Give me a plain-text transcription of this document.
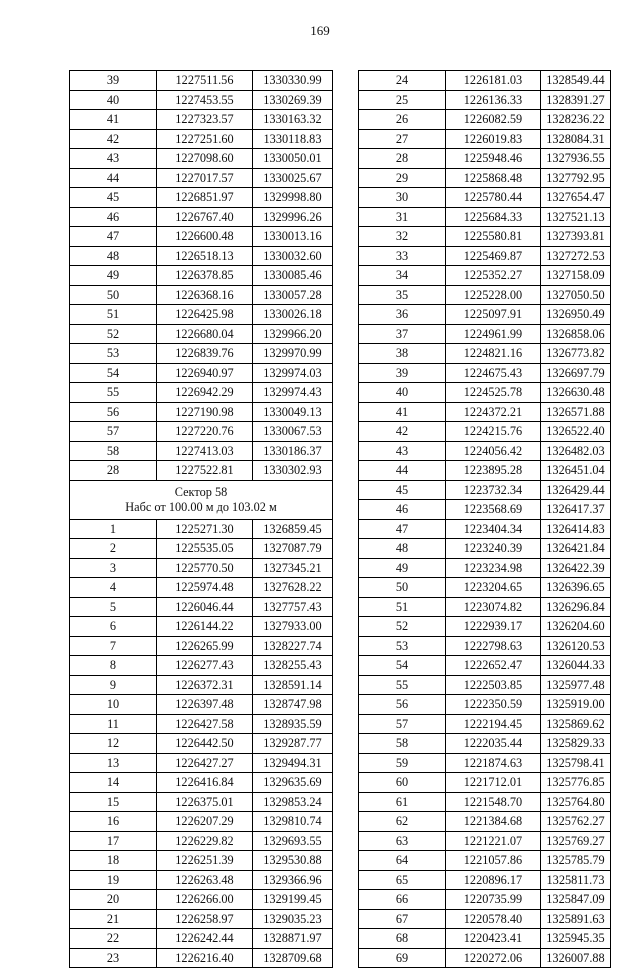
169
39	1227511.56	1330330.99
40	1227453.55	1330269.39
41	1227323.57	1330163.32
42	1227251.60	1330118.83
43	1227098.60	1330050.01
44	1227017.57	1330025.67
45	1226851.97	1329998.80
46	1226767.40	1329996.26
47	1226600.48	1330013.16
48	1226518.13	1330032.60
49	1226378.85	1330085.46
50	1226368.16	1330057.28
51	1226425.98	1330026.18
52	1226680.04	1329966.20
53	1226839.76	1329970.99
54	1226940.97	1329974.03
55	1226942.29	1329974.43
56	1227190.98	1330049.13
57	1227220.76	1330067.53
58	1227413.03	1330186.37
28	1227522.81	1330302.93

Сектор 58
Набс от 100.00 м до 103.02 м		

1	1225271.30	1326859.45
2	1225535.05	1327087.79
3	1225770.50	1327345.21
4	1225974.48	1327628.22
5	1226046.44	1327757.43
6	1226144.22	1327933.00
7	1226265.99	1328227.74
8	1226277.43	1328255.43
9	1226372.31	1328591.14
10	1226397.48	1328747.98
11	1226427.58	1328935.59
12	1226442.50	1329287.77
13	1226427.27	1329494.31
14	1226416.84	1329635.69
15	1226375.01	1329853.24
16	1226207.29	1329810.74
17	1226229.82	1329693.55
18	1226251.39	1329530.88
19	1226263.48	1329366.96
20	1226266.00	1329199.45
21	1226258.97	1329035.23
22	1226242.44	1328871.97
23	1226216.40	1328709.68
24	1226181.03	1328549.44
25	1226136.33	1328391.27
26	1226082.59	1328236.22
27	1226019.83	1328084.31
28	1225948.46	1327936.55
29	1225868.48	1327792.95
30	1225780.44	1327654.47
31	1225684.33	1327521.13
32	1225580.81	1327393.81
33	1225469.87	1327272.53
34	1225352.27	1327158.09
35	1225228.00	1327050.50
36	1225097.91	1326950.49
37	1224961.99	1326858.06
38	1224821.16	1326773.82
39	1224675.43	1326697.79
40	1224525.78	1326630.48
41	1224372.21	1326571.88
42	1224215.76	1326522.40
43	1224056.42	1326482.03
44	1223895.28	1326451.04
45	1223732.34	1326429.44
46	1223568.69	1326417.37
47	1223404.34	1326414.83
48	1223240.39	1326421.84
49	1223234.98	1326422.39
50	1223204.65	1326396.65
51	1223074.82	1326296.84
52	1222939.17	1326204.60
53	1222798.63	1326120.53
54	1222652.47	1326044.33
55	1222503.85	1325977.48
56	1222350.59	1325919.00
57	1222194.45	1325869.62
58	1222035.44	1325829.33
59	1221874.63	1325798.41
60	1221712.01	1325776.85
61	1221548.70	1325764.80
62	1221384.68	1325762.27
63	1221221.07	1325769.27
64	1221057.86	1325785.79
65	1220896.17	1325811.73
66	1220735.99	1325847.09
67	1220578.40	1325891.63
68	1220423.41	1325945.35
69	1220272.06	1326007.88
